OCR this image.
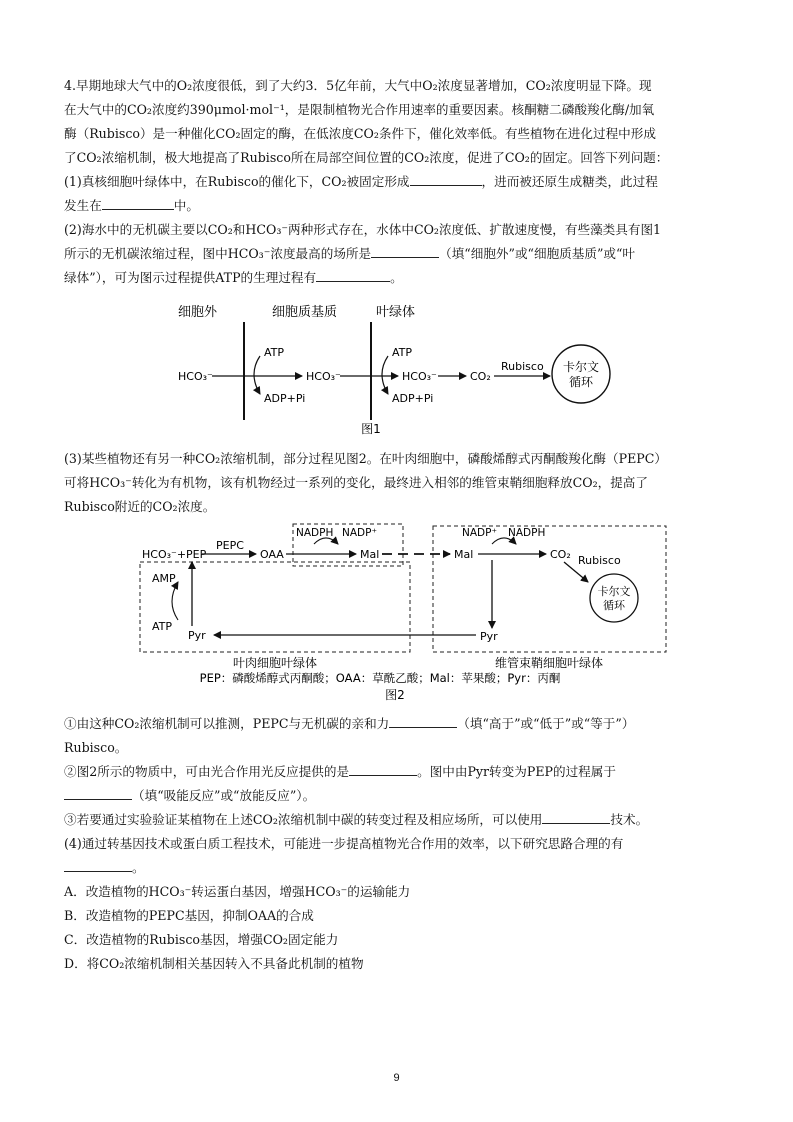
4.早期地球大气中的O₂浓度很低，到了大约3．5亿年前，大气中O₂浓度显著增加，CO₂浓度明显下降。现
在大气中的CO₂浓度约390μmol·mol⁻¹，是限制植物光合作用速率的重要因素。核酮糖二磷酸羧化酶/加氧
酶（Rubisco）是一种催化CO₂固定的酶，在低浓度CO₂条件下，催化效率低。有些植物在进化过程中形成
了CO₂浓缩机制，极大地提高了Rubisco所在局部空间位置的CO₂浓度，促进了CO₂的固定。回答下列问题：
(1)真核细胞叶绿体中，在Rubisco的催化下，CO₂被固定形成	，进而被还原生成糖类，此过程
发生在	中。
(2)海水中的无机碳主要以CO₂和HCO₃⁻两种形式存在，水体中CO₂浓度低、扩散速度慢，有些藻类具有图1
所示的无机碳浓缩过程，图中HCO₃⁻浓度最高的场所是	（填“细胞外”或“细胞质基质”或“叶
绿体”），可为图示过程提供ATP的生理过程有	。
细胞外	细胞质基质	叶绿体
HCO₃⁻	HCO₃⁻	HCO₃⁻	CO₂
Rubisco 卡尔文
循环
ATP
ADP+Pi
ATP
ADP+Pi
图1
(3)某些植物还有另一种CO₂浓缩机制，部分过程见图2。在叶肉细胞中，磷酸烯醇式丙酮酸羧化酶（PEPC）
可将HCO₃⁻转化为有机物，该有机物经过一系列的变化，最终进入相邻的维管束鞘细胞释放CO₂，提高了
Rubisco附近的CO₂浓度。
HCO₃⁻+PEP
PEPC
OAA
NADPH NADP⁺
Mal	Mal
NADP⁺ NADPH
CO₂ Rubisco
卡尔文
循环
Pyr
Pyr
AMP
ATP
叶肉细胞叶绿体	维管束鞘细胞叶绿体
PEP：磷酸烯醇式丙酮酸；OAA：草酰乙酸；Mal：苹果酸；Pyr：丙酮
图2
①由这种CO₂浓缩机制可以推测，PEPC与无机碳的亲和力	（填“高于”或“低于”或“等于”）
Rubisco。
②图2所示的物质中，可由光合作用光反应提供的是	。图中由Pyr转变为PEP的过程属于
（填“吸能反应”或“放能反应”）。
③若要通过实验验证某植物在上述CO₂浓缩机制中碳的转变过程及相应场所，可以使用	技术。
(4)通过转基因技术或蛋白质工程技术，可能进一步提高植物光合作用的效率，以下研究思路合理的有
。
A．改造植物的HCO₃⁻转运蛋白基因，增强HCO₃⁻的运输能力
B．改造植物的PEPC基因，抑制OAA的合成
C．改造植物的Rubisco基因，增强CO₂固定能力
D．将CO₂浓缩机制相关基因转入不具备此机制的植物
9
